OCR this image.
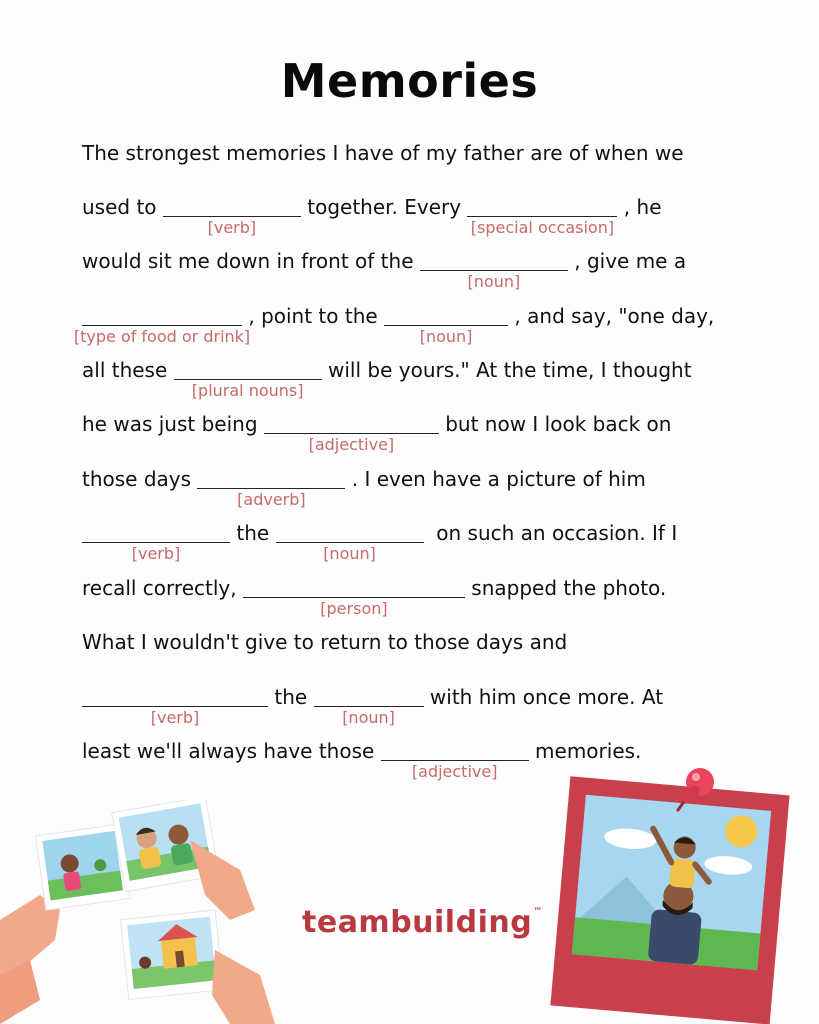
Memories
The strongest memories I have of my father are of when we
used to
[verb]
together. Every
[special occasion]
, he
would sit me down in front of the
[noun]
, give me a
[type of food or drink]
, point to the
[noun]
, and say, "one day,
all these
[plural nouns]
will be yours." At the time, I thought
he was just being
[adjective]
but now I look back on
those days
[adverb]
. I even have a picture of him
[verb]
the
[noun]
on such an occasion. If I
recall correctly,
[person]
snapped the photo.
What I wouldn't give to return to those days and
[verb]
the
[noun]
with him once more. At
least we'll always have those
[adjective]
memories.
teambuilding™
